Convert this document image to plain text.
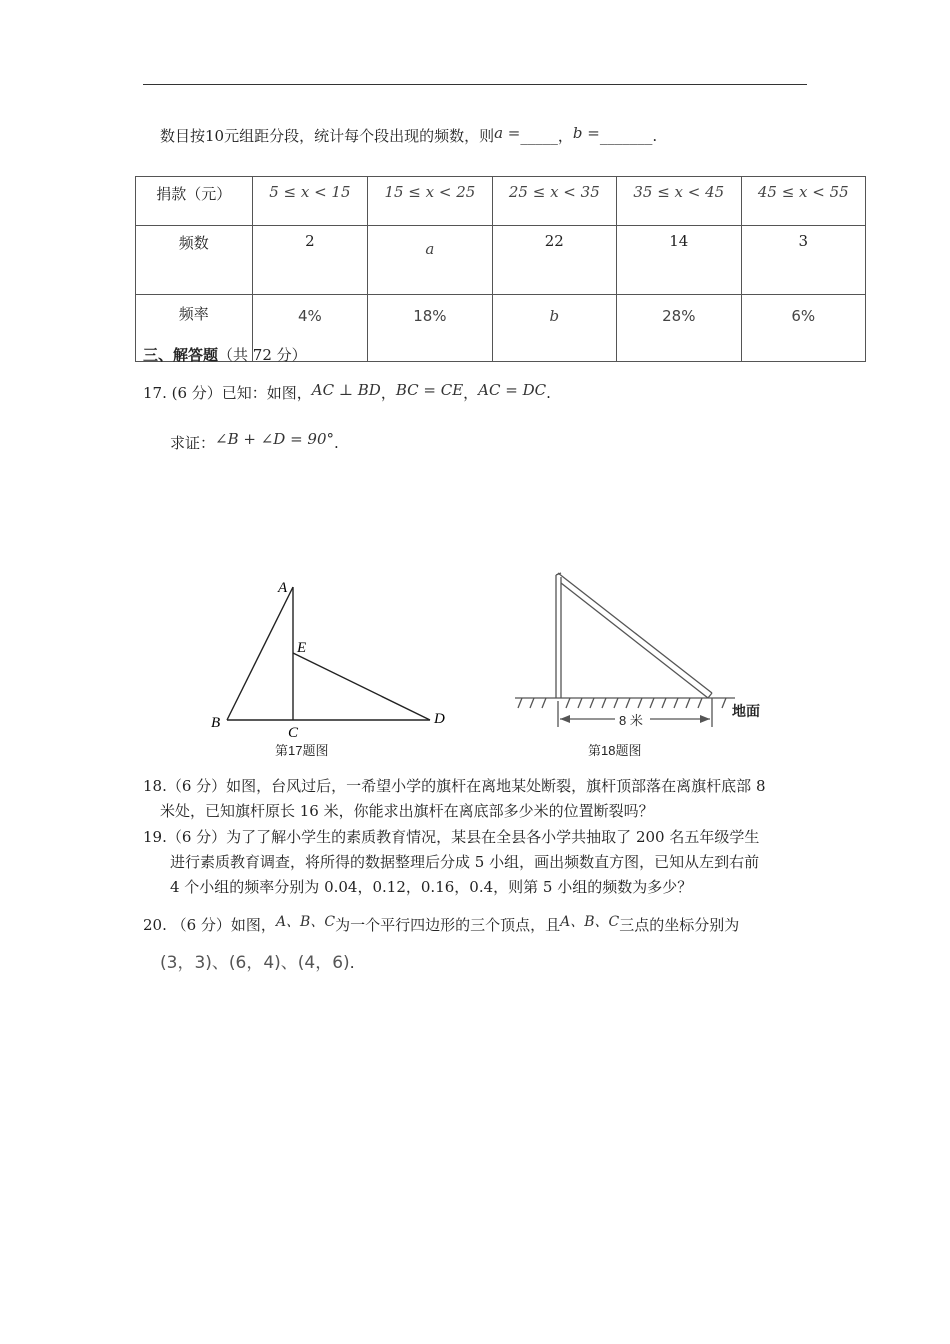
数目按10元组距分段，统计每个段出现的频数，则a =_____，b =_______.
捐款（元）	5 ≤ x < 15	15 ≤ x < 25	25 ≤ x < 35	35 ≤ x < 45	45 ≤ x < 55
频数	2	a	22	14	3
频率	4%	18%	b	28%	6%
三、解答题（共 72 分）
17. (6 分）已知：如图，AC ⊥ BD，BC = CE，AC = DC.
求证：∠B + ∠D = 90°.
A
E
B
C
D
第17题图
8 米
地面
第18题图
18.（6 分）如图，台风过后，一希望小学的旗杆在离地某处断裂，旗杆顶部落在离旗杆底部 8
米处，已知旗杆原长 16 米，你能求出旗杆在离底部多少米的位置断裂吗？
19.（6 分）为了了解小学生的素质教育情况，某县在全县各小学共抽取了 200 名五年级学生
进行素质教育调查，将所得的数据整理后分成 5 小组，画出频数直方图，已知从左到右前
4 个小组的频率分别为 0.04，0.12，0.16，0.4，则第 5 小组的频数为多少？
20. （6 分）如图，A、B、C为一个平行四边形的三个顶点，且A、B、C三点的坐标分别为
(3，3)、(6，4)、(4，6).
